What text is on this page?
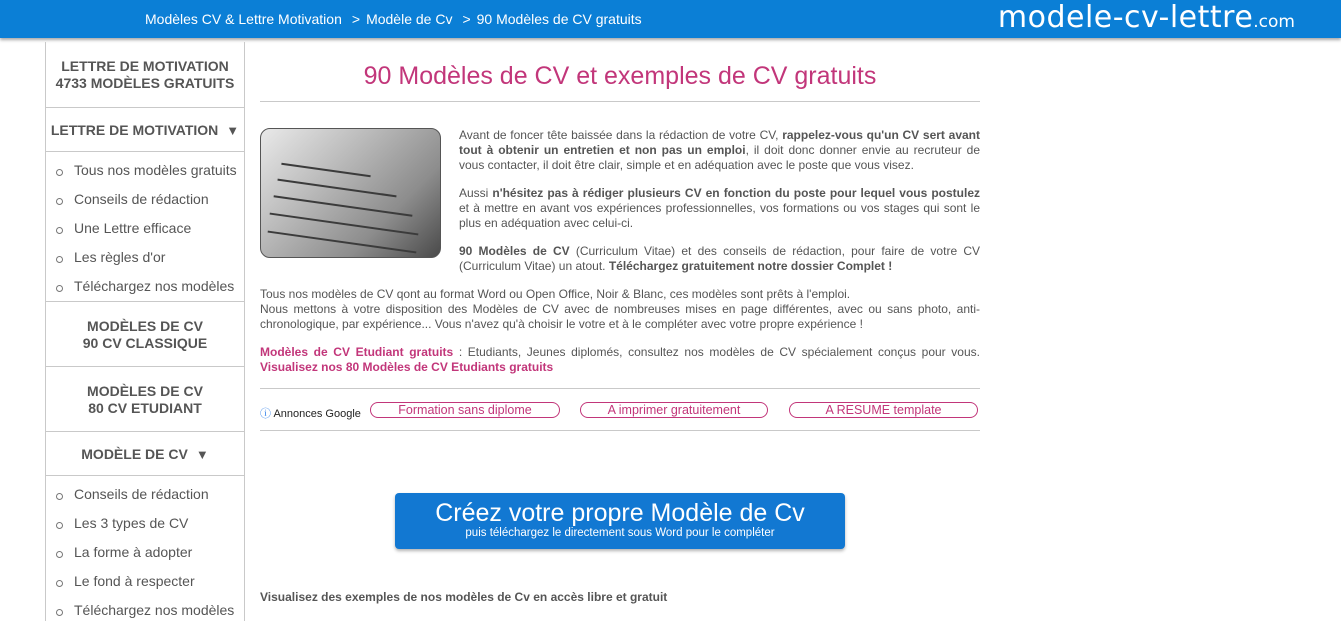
Modèles CV & Lettre Motivation > Modèle de Cv > 90 Modèles de CV gratuits	modele-cv-lettre.com
LETTRE DE MOTIVATION
4733 MODÈLES GRATUITS
LETTRE DE MOTIVATION ▼
Tous nos modèles gratuits
Conseils de rédaction
Une Lettre efficace
Les règles d'or
Téléchargez nos modèles
MODÈLES DE CV
90 CV CLASSIQUE
MODÈLES DE CV
80 CV ETUDIANT
MODÈLE DE CV ▼
Conseils de rédaction
Les 3 types de CV
La forme à adopter
Le fond à respecter
Téléchargez nos modèles
90 Modèles de CV et exemples de CV gratuits

Avant de foncer tête baissée dans la rédaction de votre CV, rappelez-vous qu'un CV sert avant tout à obtenir un entretien et non pas un emploi, il doit donc donner envie au recruteur de vous contacter, il doit être clair, simple et en adéquation avec le poste que vous visez.

Aussi n'hésitez pas à rédiger plusieurs CV en fonction du poste pour lequel vous postulez et à mettre en avant vos expériences professionnelles, vos formations ou vos stages qui sont le plus en adéquation avec celui-ci.

90 Modèles de CV (Curriculum Vitae) et des conseils de rédaction, pour faire de votre CV (Curriculum Vitae) un atout. Téléchargez gratuitement notre dossier Complet !

Tous nos modèles de CV qont au format Word ou Open Office, Noir & Blanc, ces modèles sont prêts à l'emploi.
Nous mettons à votre disposition des Modèles de CV avec de nombreuses mises en page différentes, avec ou sans photo, anti-chronologique, par expérience... Vous n'avez qu'à choisir le votre et à le compléter avec votre propre expérience !

Modèles de CV Etudiant gratuits : Etudiants, Jeunes diplomés, consultez nos modèles de CV spécialement conçus pour vous. Visualisez nos 80 Modèles de CV Etudiants gratuits

ⓘ Annonces Google	Formation sans diplome	A imprimer gratuitement	A RESUME template
Créez votre propre Modèle de Cv
puis téléchargez le directement sous Word pour le compléter
Visualisez des exemples de nos modèles de Cv en accès libre et gratuit
